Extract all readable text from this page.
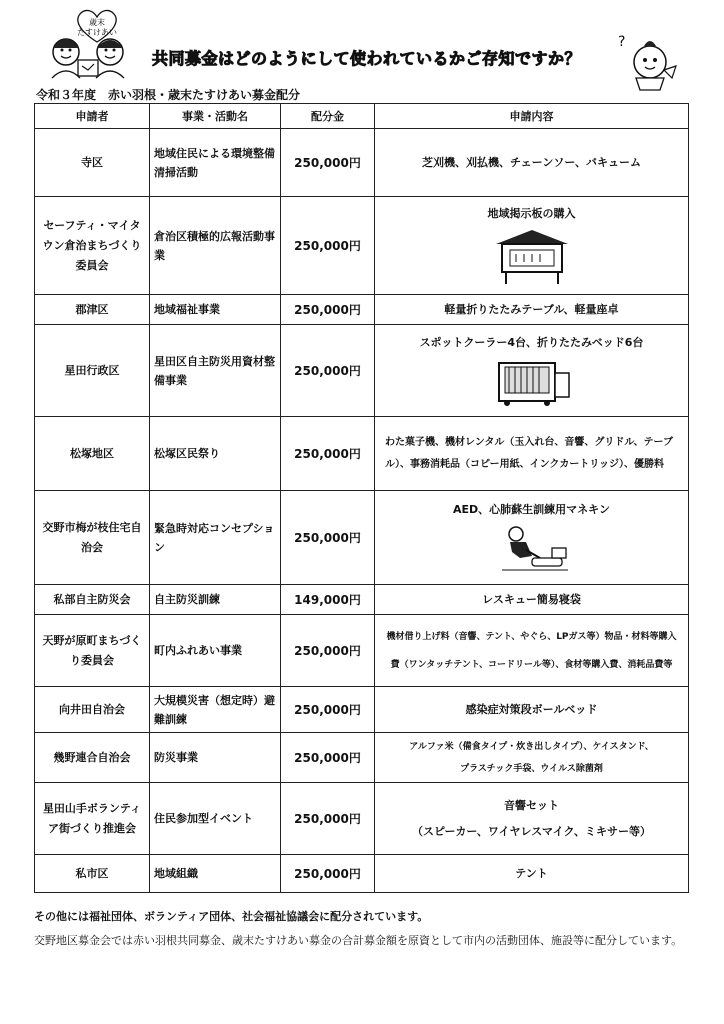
歳末
たすけあい
共同募金はどのようにして使われているかご存知ですか？
?
令和３年度　赤い羽根・歳末たすけあい募金配分
申請者	事業・活動名	配分金	申請内容
寺区	地域住民による環境整備清掃活動	250,000円	芝刈機、刈払機、チェーンソー、バキューム

セーフティ・マイタウン倉治まちづくり委員会	倉治区積極的広報活動事業	250,000円	地域掲示板の購入

郡津区	地域福祉事業	250,000円	軽量折りたたみテーブル、軽量座卓

星田行政区	星田区自主防災用資材整備事業	250,000円	スポットクーラー4台、折りたたみベッド6台

松塚地区	松塚区民祭り	250,000円	わた菓子機、機材レンタル（玉入れ台、音響、グリドル、テーブル）、事務消耗品（コピー用紙、インクカートリッジ）、優勝料

交野市梅が枝住宅自治会	緊急時対応コンセプション	250,000円	AED、心肺蘇生訓練用マネキン

私部自主防災会	自主防災訓練	149,000円	レスキュー簡易寝袋

天野が原町まちづくり委員会	町内ふれあい事業	250,000円	機材借り上げ料（音響、テント、やぐら、LPガス等）物品・材料等購入
費（ワンタッチテント、コードリール等）、食材等購入費、消耗品費等

向井田自治会	大規模災害（想定時）避難訓練	250,000円	感染症対策段ボールベッド

幾野連合自治会	防災事業	250,000円	アルファ米（備食タイプ・炊き出しタイプ）、ケイスタンド、
プラスチック手袋、ウイルス除菌剤

星田山手ボランティア街づくり推進会	住民参加型イベント	250,000円	音響セット
（スピーカー、ワイヤレスマイク、ミキサー等）

私市区	地域組織	250,000円	テント
その他には福祉団体、ボランティア団体、社会福祉協議会に配分されています。
交野地区募金会では赤い羽根共同募金、歳末たすけあい募金の合計募金額を原資として市内の活動団体、施設等に配分しています。
